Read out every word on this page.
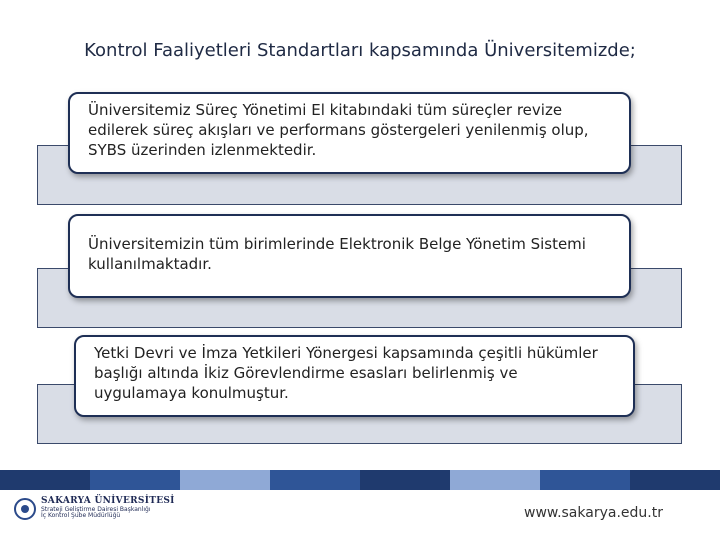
Kontrol Faaliyetleri Standartları kapsamında Üniversitemizde;
Üniversitemiz Süreç Yönetimi El kitabındaki tüm süreçler revize edilerek süreç akışları ve performans göstergeleri yenilenmiş olup, SYBS üzerinden izlenmektedir.
Üniversitemizin tüm birimlerinde Elektronik Belge Yönetim Sistemi kullanılmaktadır.
Yetki Devri ve İmza Yetkileri Yönergesi kapsamında çeşitli hükümler başlığı altında İkiz Görevlendirme esasları belirlenmiş ve uygulamaya konulmuştur.
SAKARYA ÜNİVERSİTESİ
Strateji Geliştirme Dairesi Başkanlığı
İç Kontrol Şube Müdürlüğü	www.sakarya.edu.tr
